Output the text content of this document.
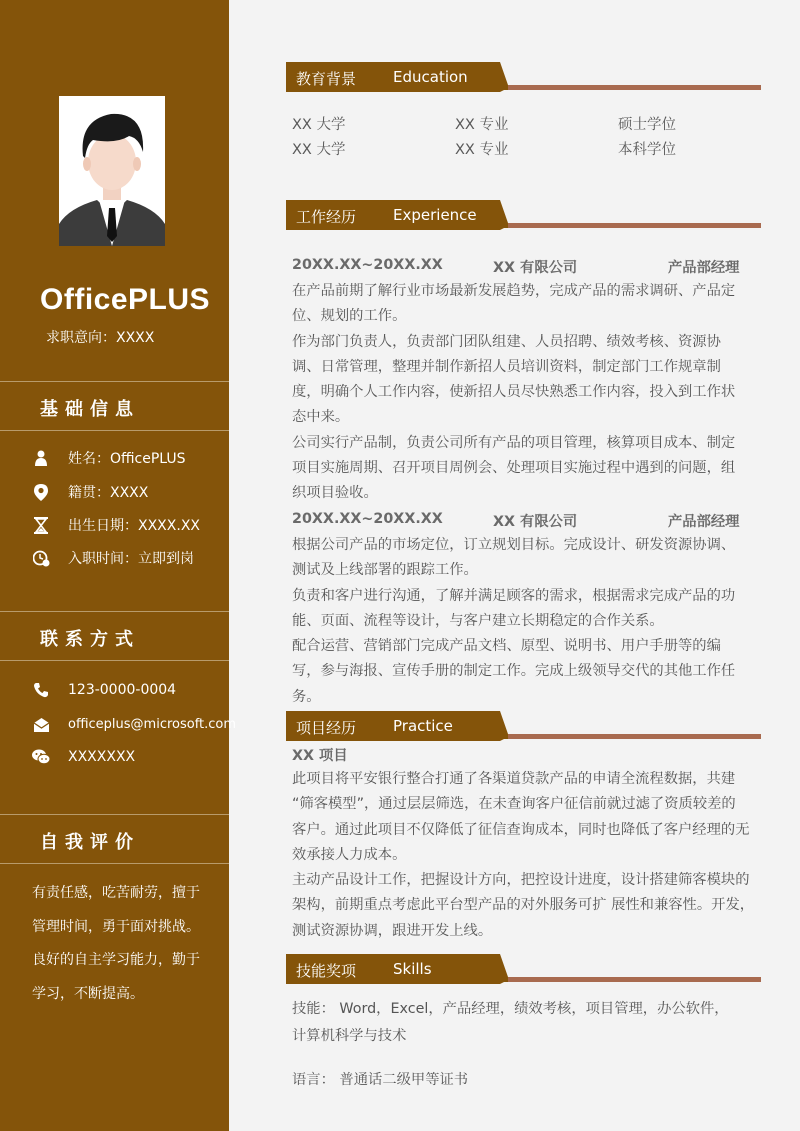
OfficePLUS
求职意向：XXXX
基础信息
姓名：OfficePLUS
籍贯：XXXX
出生日期：XXXX.XX
入职时间：立即到岗
联系方式
123-0000-0004
officeplus@microsoft.com
XXXXXXX
自我评价
有责任感，吃苦耐劳，擅于
管理时间，勇于面对挑战。
良好的自主学习能力，勤于
学习，不断提高。
教育背景 Education
XX 大学	XX 专业	硕士学位
XX 大学	XX 专业	本科学位
工作经历 Experience
20XX.XX~20XX.XX	XX 有限公司	产品部经理
在产品前期了解行业市场最新发展趋势，完成产品的需求调研、产品定
位、规划的工作。
作为部门负责人，负责部门团队组建、人员招聘、绩效考核、资源协
调、日常管理，整理并制作新招人员培训资料，制定部门工作规章制
度，明确个人工作内容，使新招人员尽快熟悉工作内容，投入到工作状
态中来。
公司实行产品制，负责公司所有产品的项目管理，核算项目成本、制定
项目实施周期、召开项目周例会、处理项目实施过程中遇到的问题，组
织项目验收。
20XX.XX~20XX.XX	XX 有限公司	产品部经理
根据公司产品的市场定位，订立规划目标。完成设计、研发资源协调、
测试及上线部署的跟踪工作。
负责和客户进行沟通，了解并满足顾客的需求，根据需求完成产品的功
能、页面、流程等设计，与客户建立长期稳定的合作关系。
配合运营、营销部门完成产品文档、原型、说明书、用户手册等的编
写，参与海报、宣传手册的制定工作。完成上级领导交代的其他工作任
务。
项目经历 Practice
XX 项目
此项目将平安银行整合打通了各渠道贷款产品的申请全流程数据，共建
“筛客模型”，通过层层筛选，在未查询客户征信前就过滤了资质较差的
客户。通过此项目不仅降低了征信查询成本，同时也降低了客户经理的无
效承接人力成本。
主动产品设计工作，把握设计方向，把控设计进度，设计搭建筛客模块的
架构，前期重点考虑此平台型产品的对外服务可扩 展性和兼容性。开发，
测试资源协调，跟进开发上线。
技能奖项 Skills
技能： Word，Excel，产品经理，绩效考核，项目管理，办公软件，
计算机科学与技术
语言： 普通话二级甲等证书
